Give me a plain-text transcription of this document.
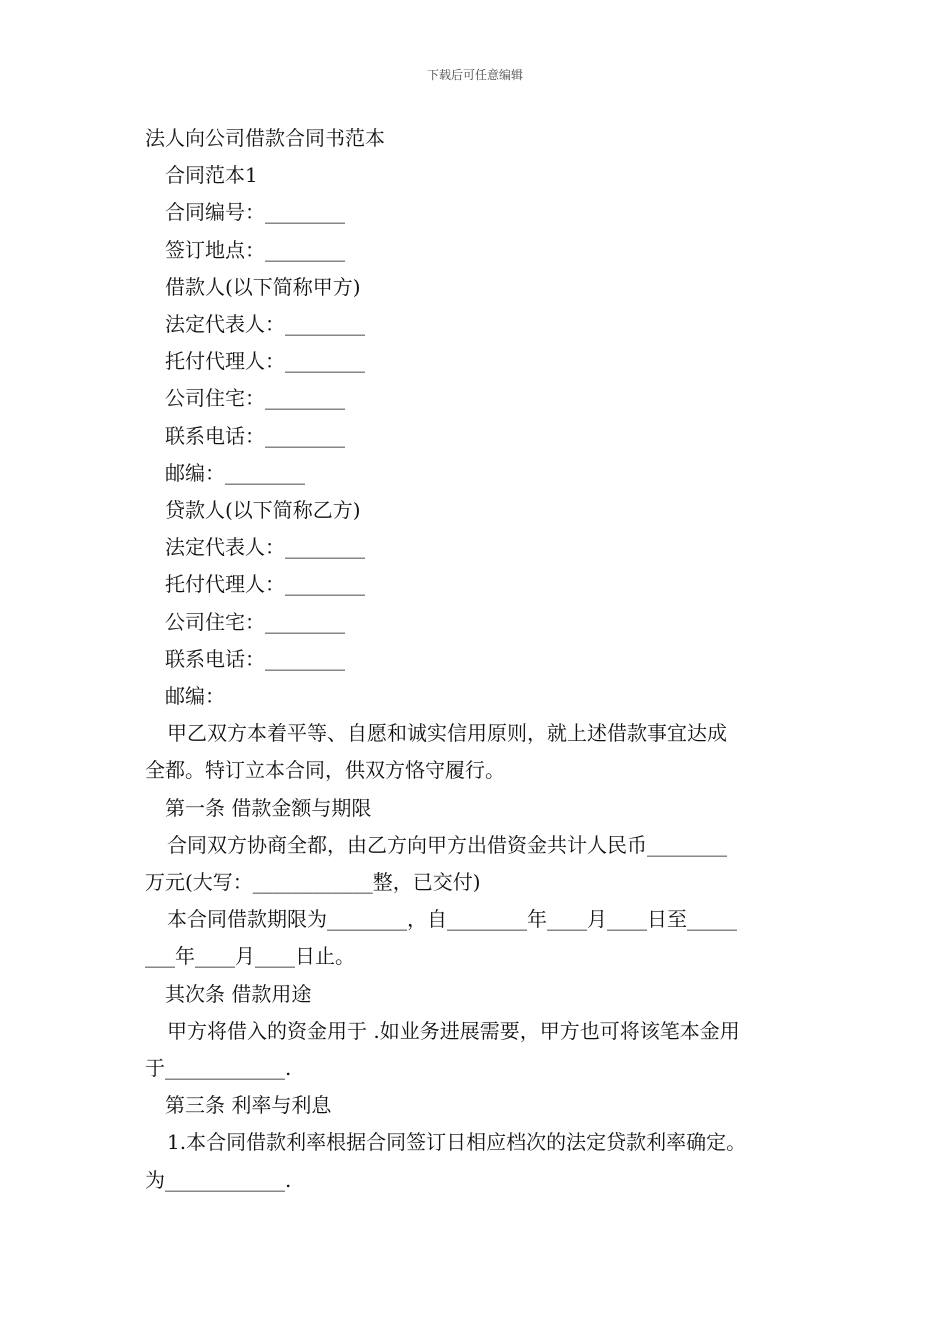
下载后可任意编辑

法人向公司借款合同书范本

合同范本1

合同编号：________

签订地点：________

借款人(以下简称甲方)

法定代表人：________

托付代理人：________

公司住宅：________

联系电话：________

邮编：________

贷款人(以下简称乙方)

法定代表人：________

托付代理人：________

公司住宅：________

联系电话：________

邮编：

甲乙双方本着平等、自愿和诚实信用原则，就上述借款事宜达成

全都。特订立本合同，供双方恪守履行。

第一条 借款金额与期限

合同双方协商全都，由乙方向甲方出借资金共计人民币________

万元(大写：____________整，已交付)

本合同借款期限为________，自________年____月____日至_____

___年____月____日止。

其次条 借款用途

甲方将借入的资金用于 .如业务进展需要，甲方也可将该笔本金用

于____________.

第三条 利率与利息

1.本合同借款利率根据合同签订日相应档次的法定贷款利率确定。

为____________.
